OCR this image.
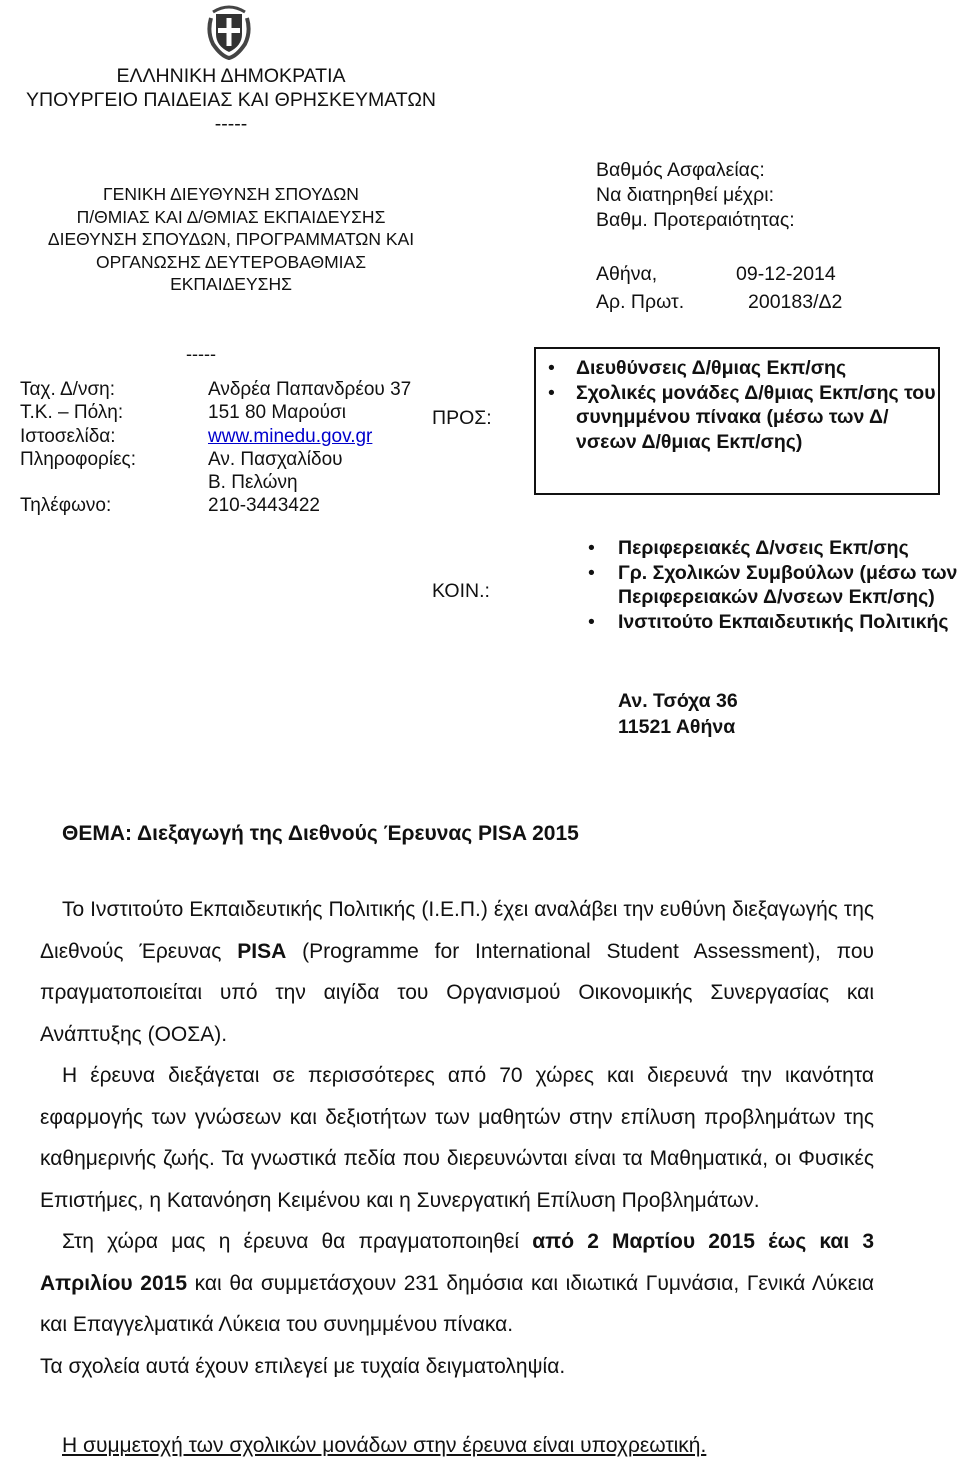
ΕΛΛΗΝΙΚΗ ΔΗΜΟΚΡΑΤΙΑ
ΥΠΟΥΡΓΕΙΟ ΠΑΙΔΕΙΑΣ ΚΑΙ ΘΡΗΣΚΕΥΜΑΤΩΝ
-----
ΓΕΝΙΚΗ ΔΙΕΥΘΥΝΣΗ ΣΠΟΥΔΩΝ
Π/ΘΜΙΑΣ ΚΑΙ Δ/ΘΜΙΑΣ ΕΚΠΑΙΔΕΥΣΗΣ
ΔΙΕΘΥΝΣΗ ΣΠΟΥΔΩΝ, ΠΡΟΓΡΑΜΜΑΤΩΝ ΚΑΙ
ΟΡΓΑΝΩΣΗΣ ΔΕΥΤΕΡΟΒΑΘΜΙΑΣ
ΕΚΠΑΙΔΕΥΣΗΣ
Βαθμός Ασφαλείας:
Να διατηρηθεί μέχρι:
Βαθμ. Προτεραιότητας:
Αθήνα,	09-12-2014
Αρ. Πρωτ.	200183/Δ2
-----
Ταχ. Δ/νση:	Ανδρέα Παπανδρέου 37
Τ.Κ. – Πόλη:	151 80 Μαρούσι
Ιστοσελίδα:	www.minedu.gov.gr
Πληροφορίες:	Αν. Πασχαλίδου
Β. Πελώνη
Τηλέφωνο:	210-3443422
ΠΡΟΣ:
• Διευθύνσεις Δ/θμιας Εκπ/σης
• Σχολικές μονάδες Δ/θμιας Εκπ/σης του συνημμένου πίνακα (μέσω των Δ/νσεων Δ/θμιας Εκπ/σης)
ΚΟΙΝ.:
• Περιφερειακές Δ/νσεις Εκπ/σης
• Γρ. Σχολικών Συμβούλων (μέσω των Περιφερειακών Δ/νσεων Εκπ/σης)
• Ινστιτούτο Εκπαιδευτικής Πολιτικής
Αν. Τσόχα 36
11521 Αθήνα
ΘΕΜΑ: Διεξαγωγή της Διεθνούς Έρευνας PISA 2015

Το Ινστιτούτο Εκπαιδευτικής Πολιτικής (Ι.Ε.Π.) έχει αναλάβει την ευθύνη διεξαγωγής της Διεθνούς Έρευνας PISA (Programme for International Student Assessment), που πραγματοποιείται υπό την αιγίδα του Οργανισμού Οικονομικής Συνεργασίας και Ανάπτυξης (ΟΟΣΑ).

Η έρευνα διεξάγεται σε περισσότερες από 70 χώρες και διερευνά την ικανότητα εφαρμογής των γνώσεων και δεξιοτήτων των μαθητών στην επίλυση προβλημάτων της καθημερινής ζωής. Τα γνωστικά πεδία που διερευνώνται είναι τα Μαθηματικά, οι Φυσικές Επιστήμες, η Κατανόηση Κειμένου και η Συνεργατική Επίλυση Προβλημάτων.

Στη χώρα μας η έρευνα θα πραγματοποιηθεί από 2 Μαρτίου 2015 έως και 3 Απριλίου 2015 και θα συμμετάσχουν 231 δημόσια και ιδιωτικά Γυμνάσια, Γενικά Λύκεια και Επαγγελματικά Λύκεια του συνημμένου πίνακα.

Τα σχολεία αυτά έχουν επιλεγεί με τυχαία δειγματοληψία.

Η συμμετοχή των σχολικών μονάδων στην έρευνα είναι υποχρεωτική.
